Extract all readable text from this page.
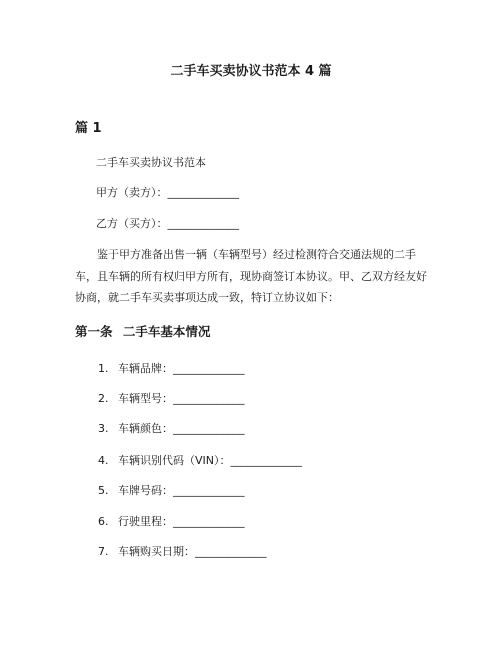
二手车买卖协议书范本 4 篇
篇 1
二手车买卖协议书范本
甲方（卖方）：_____________
乙方（买方）：_____________
鉴于甲方准备出售一辆（车辆型号）经过检测符合交通法规的二手车，且车辆的所有权归甲方所有，现协商签订本协议。甲、乙双方经友好协商，就二手车买卖事项达成一致，特订立协议如下：
第一条 二手车基本情况
1. 车辆品牌：_____________
2. 车辆型号：_____________
3. 车辆颜色：_____________
4. 车辆识别代码（VIN）：_____________
5. 车牌号码：_____________
6. 行驶里程：_____________
7. 车辆购买日期：_____________
